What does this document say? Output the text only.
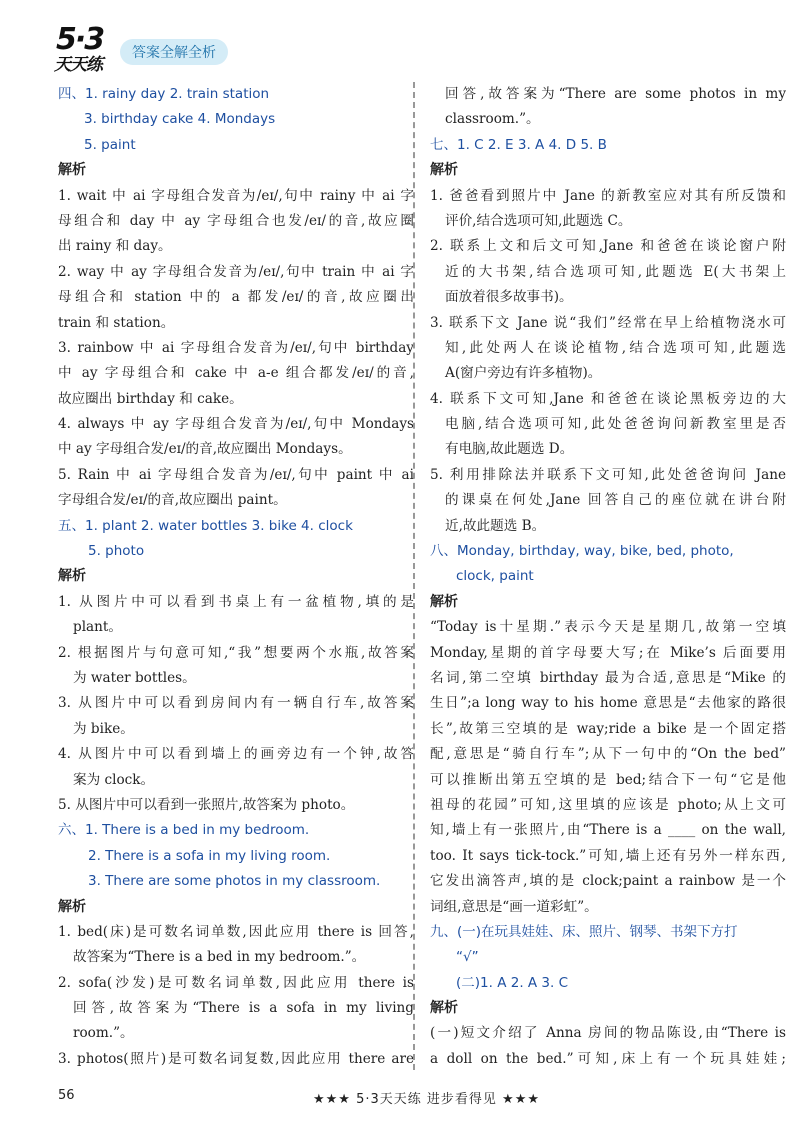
5·3
天天练
答案全解全析
四、1. rainy day 2. train station
3. birthday cake 4. Mondays
5. paint
解析
1. wait 中 ai 字母组合发音为/eɪ/,句中 rainy 中 ai 字
母组合和 day 中 ay 字母组合也发/eɪ/的音,故应圈
出 rainy 和 day。
2. way 中 ay 字母组合发音为/eɪ/,句中 train 中 ai 字
母组合和 station 中的 a 都发/eɪ/的音,故应圈出
train 和 station。
3. rainbow 中 ai 字母组合发音为/eɪ/,句中 birthday
中 ay 字母组合和 cake 中 a-e 组合都发/eɪ/的音,
故应圈出 birthday 和 cake。
4. always 中 ay 字母组合发音为/eɪ/,句中 Mondays
中 ay 字母组合发/eɪ/的音,故应圈出 Mondays。
5. Rain 中 ai 字母组合发音为/eɪ/,句中 paint 中 ai
字母组合发/eɪ/的音,故应圈出 paint。
五、1. plant 2. water bottles 3. bike 4. clock
5. photo
解析
1. 从图片中可以看到书桌上有一盆植物,填的是
plant。
2. 根据图片与句意可知,“我”想要两个水瓶,故答案
为 water bottles。
3. 从图片中可以看到房间内有一辆自行车,故答案
为 bike。
4. 从图片中可以看到墙上的画旁边有一个钟,故答
案为 clock。
5. 从图片中可以看到一张照片,故答案为 photo。
六、1. There is a bed in my bedroom.
2. There is a sofa in my living room.
3. There are some photos in my classroom.
解析
1. bed(床)是可数名词单数,因此应用 there is 回答,
故答案为“There is a bed in my bedroom.”。
2. sofa(沙发)是可数名词单数,因此应用 there is
回答,故答案为“There is a sofa in my living
room.”。
3. photos(照片)是可数名词复数,因此应用 there are
回答,故答案为“There are some photos in my
classroom.”。
七、1. C 2. E 3. A 4. D 5. B
解析
1. 爸爸看到照片中 Jane 的新教室应对其有所反馈和
评价,结合选项可知,此题选 C。
2. 联系上文和后文可知,Jane 和爸爸在谈论窗户附
近的大书架,结合选项可知,此题选 E(大书架上
面放着很多故事书)。
3. 联系下文 Jane 说“我们”经常在早上给植物浇水可
知,此处两人在谈论植物,结合选项可知,此题选
A(窗户旁边有许多植物)。
4. 联系下文可知,Jane 和爸爸在谈论黑板旁边的大
电脑,结合选项可知,此处爸爸询问新教室里是否
有电脑,故此题选 D。
5. 利用排除法并联系下文可知,此处爸爸询问 Jane
的课桌在何处,Jane 回答自己的座位就在讲台附
近,故此题选 B。
八、Monday, birthday, way, bike, bed, photo,
clock, paint
解析
“Today is十星期.”表示今天是星期几,故第一空填
Monday,星期的首字母要大写;在 Mike’s 后面要用
名词,第二空填 birthday 最为合适,意思是“Mike 的
生日”;a long way to his home 意思是“去他家的路很
长”,故第三空填的是 way;ride a bike 是一个固定搭
配,意思是“骑自行车”;从下一句中的“On the bed”
可以推断出第五空填的是 bed;结合下一句“它是他
祖母的花园”可知,这里填的应该是 photo;从上文可
知,墙上有一张照片,由“There is a ____ on the wall,
too. It says tick-tock.”可知,墙上还有另外一样东西,
它发出滴答声,填的是 clock;paint a rainbow 是一个
词组,意思是“画一道彩虹”。
九、(一)在玩具娃娃、床、照片、钢琴、书架下方打
“√”
(二)1. A 2. A 3. C
解析
(一)短文介绍了 Anna 房间的物品陈设,由“There is
a doll on the bed.”可知,床上有一个玩具娃娃;
56	★★★ 5·3天天练 进步看得见 ★★★
